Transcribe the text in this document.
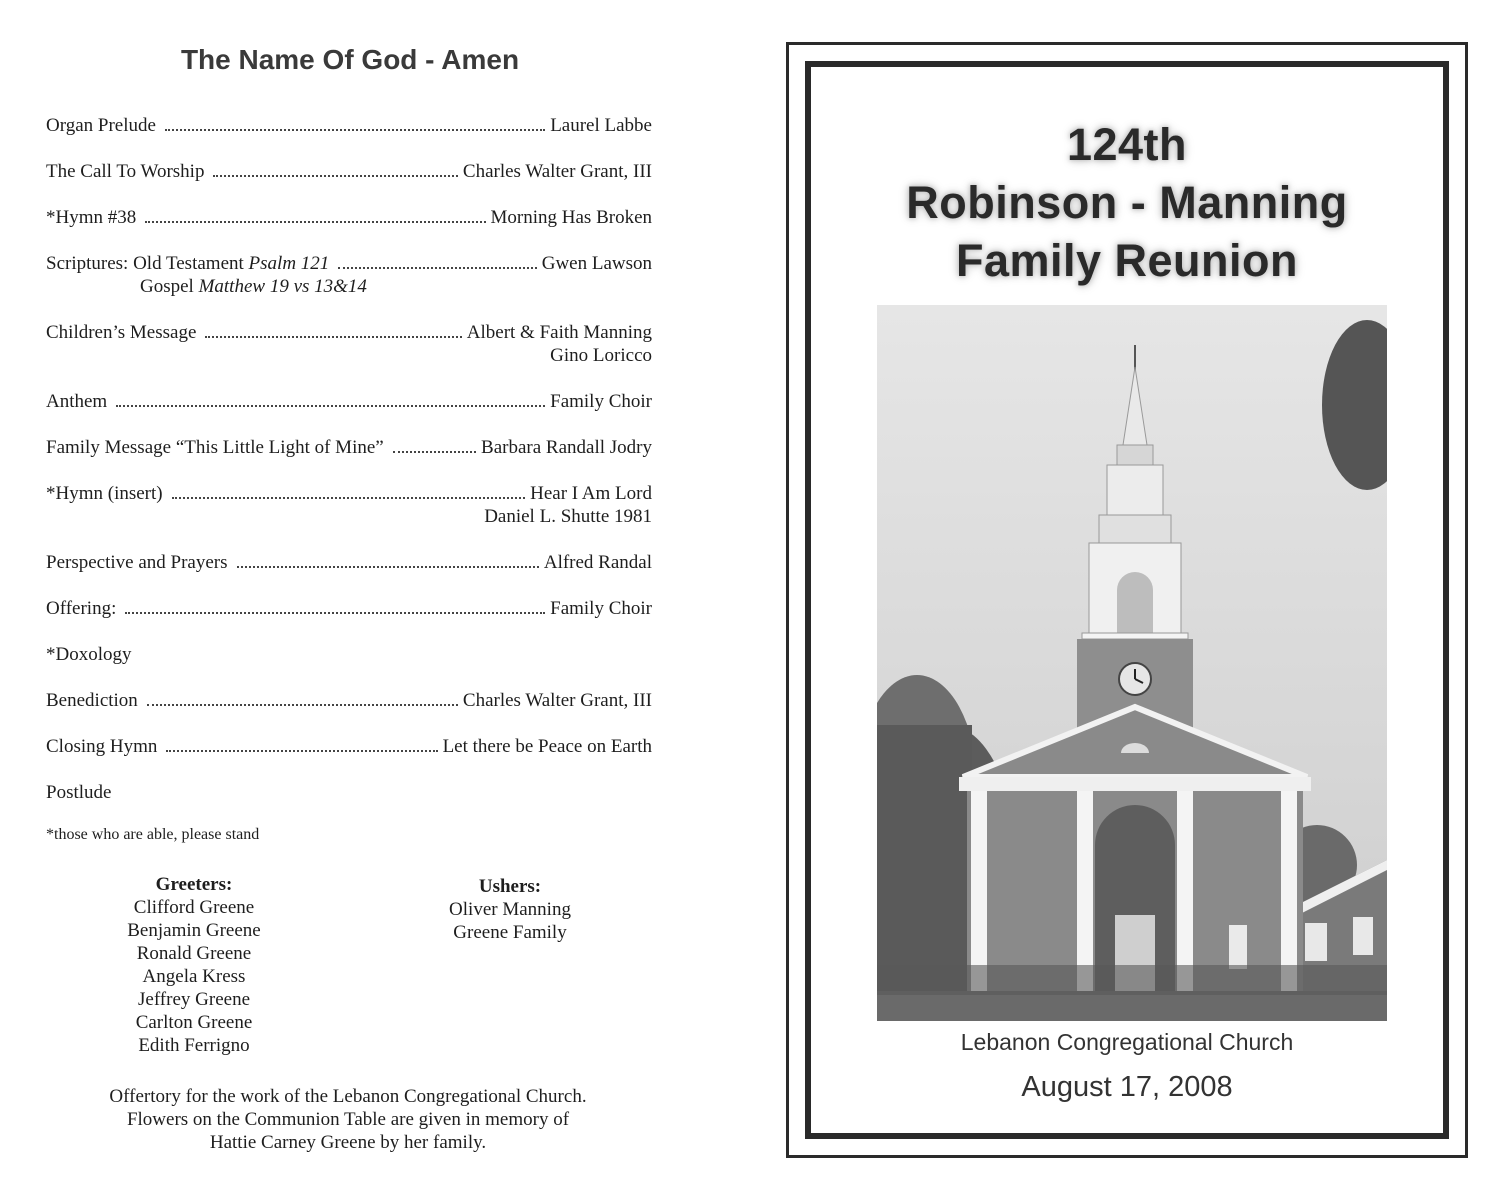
The Name Of God - Amen
Organ Prelude	Laurel Labbe
The Call To Worship	Charles Walter Grant, III
*Hymn #38	Morning Has Broken
Scriptures: Old Testament Psalm 121	Gwen Lawson
Gospel Matthew 19 vs 13&14
Children’s Message	Albert & Faith Manning
Gino Loricco
Anthem	Family Choir
Family Message “This Little Light of Mine”	Barbara Randall Jodry
*Hymn (insert)	Hear I Am Lord
Daniel L. Shutte 1981
Perspective and Prayers	Alfred Randal
Offering:	Family Choir
*Doxology
Benediction	Charles Walter Grant, III
Closing Hymn	Let there be Peace on Earth
Postlude
*those who are able, please stand
Greeters:
Clifford Greene
Benjamin Greene
Ronald Greene
Angela Kress
Jeffrey Greene
Carlton Greene
Edith Ferrigno
Ushers:
Oliver Manning
Greene Family
Offertory for the work of the Lebanon Congregational Church.
Flowers on the Communion Table are given in memory of
Hattie Carney Greene by her family.
124th
Robinson - Manning
Family Reunion
Lebanon Congregational Church
August 17, 2008
